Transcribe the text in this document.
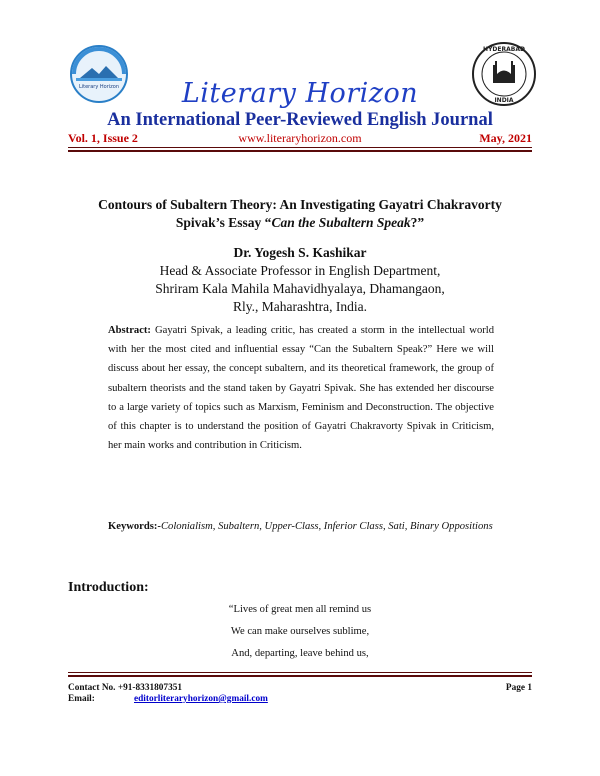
Literary Horizon
HYDERABAD
INDIA
Literary Horizon
An International Peer-Reviewed English Journal
Vol. 1, Issue 2	www.literaryhorizon.com	May, 2021
Contours of Subaltern Theory: An Investigating Gayatri Chakravorty
Spivak’s Essay “Can the Subaltern Speak?”
Dr. Yogesh S. Kashikar
Head & Associate Professor in English Department,
Shriram Kala Mahila Mahavidhyalaya, Dhamangaon,
Rly., Maharashtra, India.
Abstract: Gayatri Spivak, a leading critic, has created a storm in the intellectual world with her the most cited and influential essay “Can the Subaltern Speak?” Here we will discuss about her essay, the concept subaltern, and its theoretical framework, the group of subaltern theorists and the stand taken by Gayatri Spivak. She has extended her discourse to a large variety of topics such as Marxism, Feminism and Deconstruction. The objective of this chapter is to understand the position of Gayatri Chakravorty Spivak in Criticism, her main works and contribution in Criticism.
Keywords:-Colonialism, Subaltern, Upper-Class, Inferior Class, Sati, Binary Oppositions
Introduction:
“Lives of great men all remind us
We can make ourselves sublime,
And, departing, leave behind us,
Contact No. +91-8331807351
Email:	editorliteraryhorizon@gmail.com
Page 1
